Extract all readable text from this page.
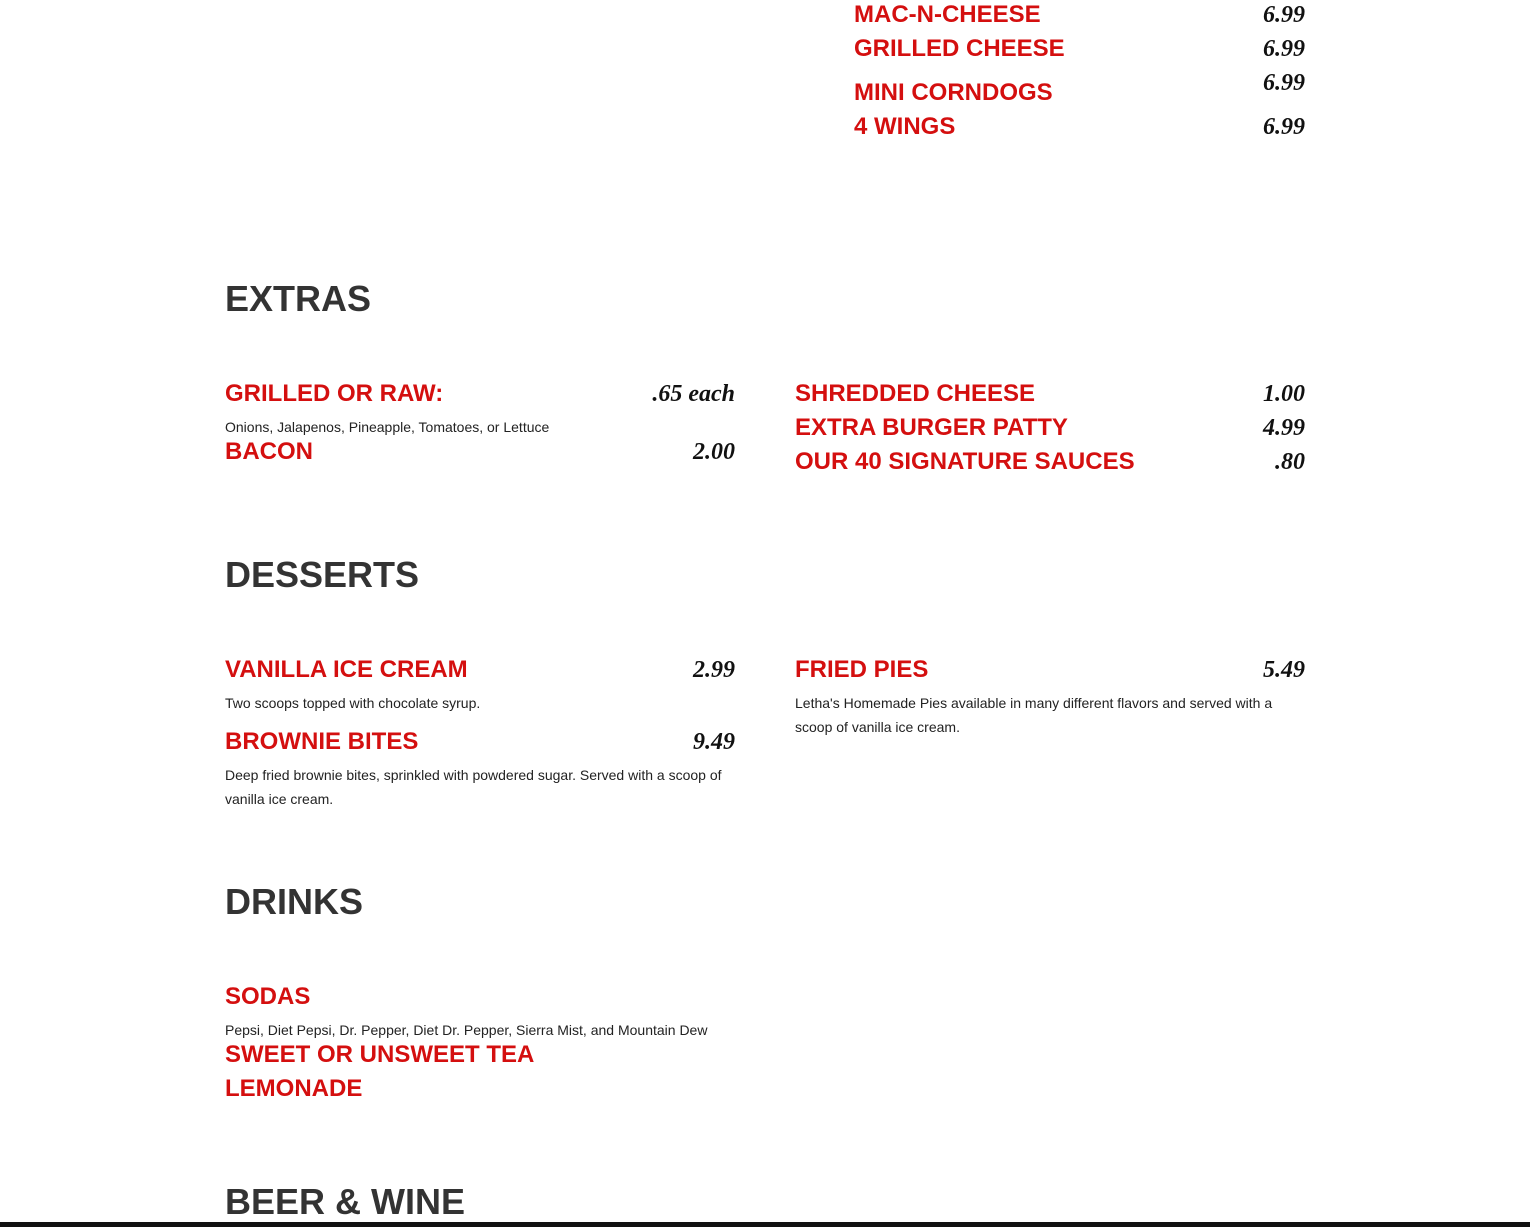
MAC-N-CHEESE	6.99
GRILLED CHEESE	6.99
MINI CORNDOGS	6.99
4 WINGS	6.99
EXTRAS
GRILLED OR RAW:	.65 each
Onions, Jalapenos, Pineapple, Tomatoes, or Lettuce
BACON	2.00
SHREDDED CHEESE	1.00
EXTRA BURGER PATTY	4.99
OUR 40 SIGNATURE SAUCES	.80
DESSERTS
VANILLA ICE CREAM	2.99
Two scoops topped with chocolate syrup.
BROWNIE BITES	9.49
Deep fried brownie bites, sprinkled with powdered sugar. Served with a scoop of vanilla ice cream.
FRIED PIES	5.49
Letha's Homemade Pies available in many different flavors and served with a scoop of vanilla ice cream.
DRINKS
SODAS
Pepsi, Diet Pepsi, Dr. Pepper, Diet Dr. Pepper, Sierra Mist, and Mountain Dew
SWEET OR UNSWEET TEA
LEMONADE
BEER & WINE
